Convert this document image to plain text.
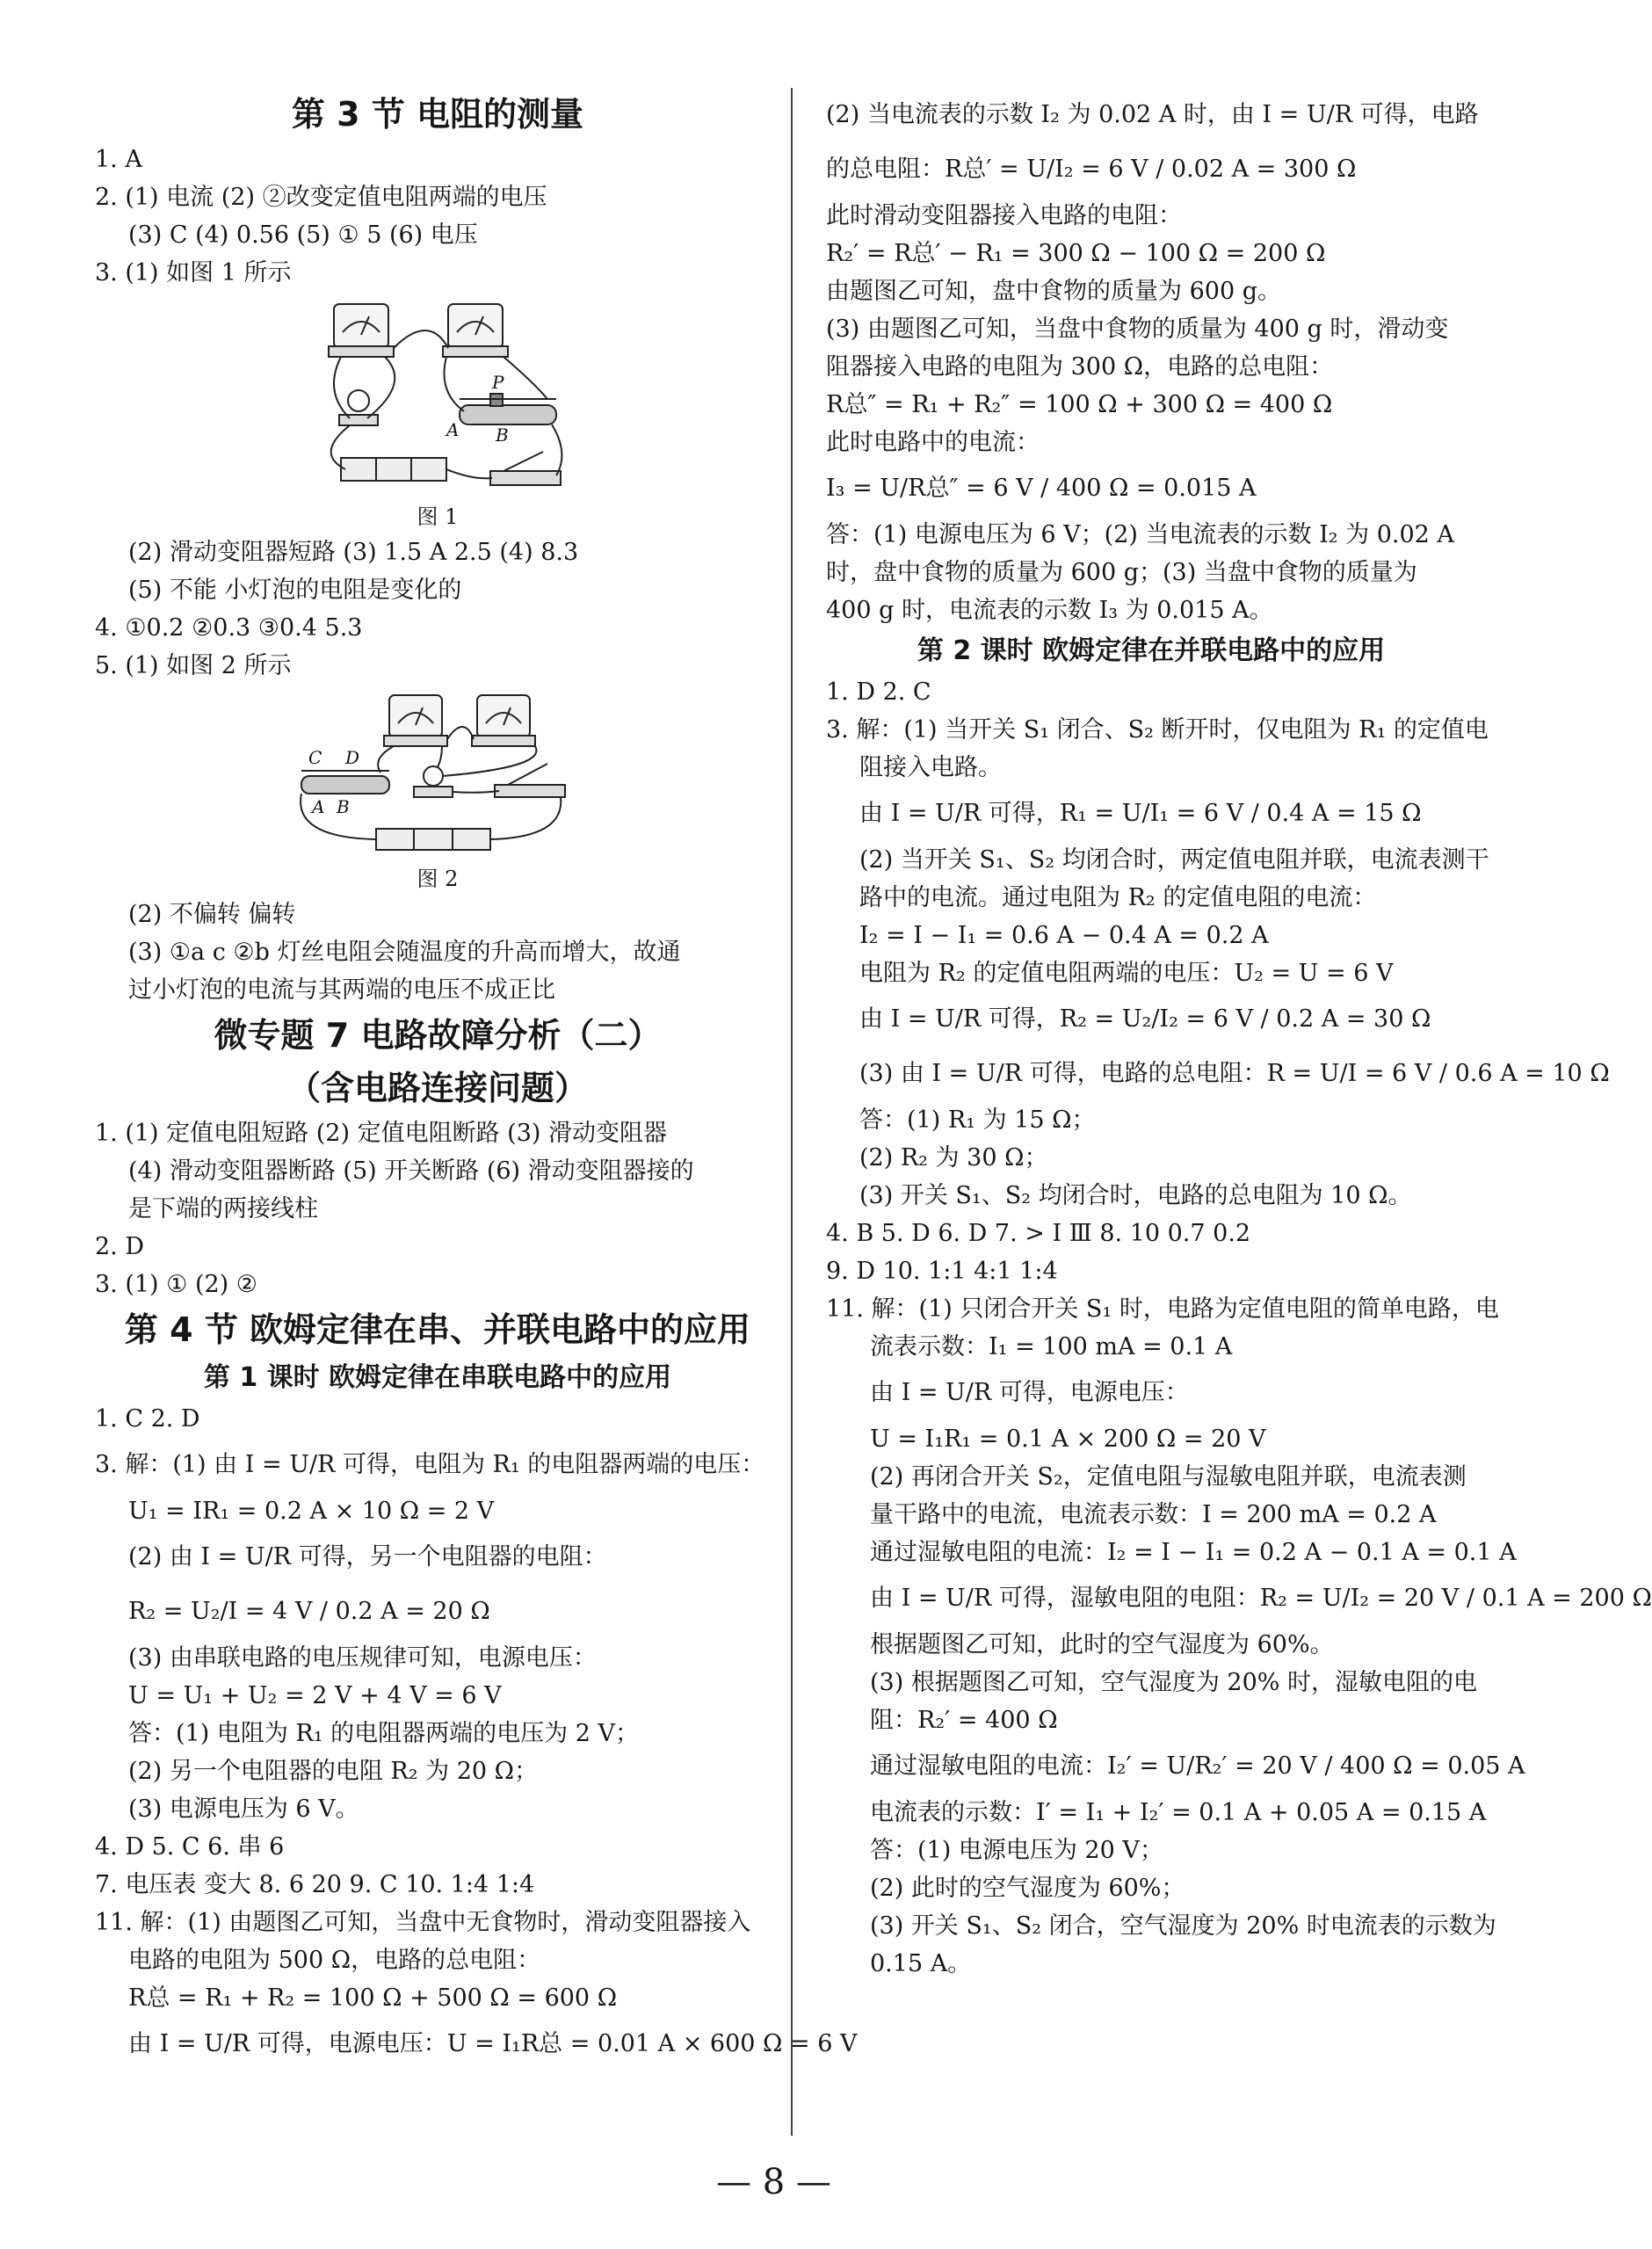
第 3 节 电阻的测量
1. A
2. (1) 电流 (2) ②改变定值电阻两端的电压
(3) C (4) 0.56 (5) ① 5 (6) 电压
3. (1) 如图 1 所示
P
A B
图 1
(2) 滑动变阻器短路 (3) 1.5 A 2.5 (4) 8.3
(5) 不能 小灯泡的电阻是变化的
4. ①0.2 ②0.3 ③0.4 5.3
5. (1) 如图 2 所示
C D
A B
图 2
(2) 不偏转 偏转
(3) ①a c ②b 灯丝电阻会随温度的升高而增大，故通
过小灯泡的电流与其两端的电压不成正比
微专题 7 电路故障分析（二）
（含电路连接问题）
1. (1) 定值电阻短路 (2) 定值电阻断路 (3) 滑动变阻器
(4) 滑动变阻器断路 (5) 开关断路 (6) 滑动变阻器接的
是下端的两接线柱
2. D
3. (1) ① (2) ②
第 4 节 欧姆定律在串、并联电路中的应用
第 1 课时 欧姆定律在串联电路中的应用
1. C 2. D
3. 解：(1) 由 I = U/R 可得，电阻为 R₁ 的电阻器两端的电压：
U₁ = IR₁ = 0.2 A × 10 Ω = 2 V
(2) 由 I = U/R 可得，另一个电阻器的电阻：
R₂ = U₂/I = 4 V / 0.2 A = 20 Ω
(3) 由串联电路的电压规律可知，电源电压：
U = U₁ + U₂ = 2 V + 4 V = 6 V
答：(1) 电阻为 R₁ 的电阻器两端的电压为 2 V；
(2) 另一个电阻器的电阻 R₂ 为 20 Ω；
(3) 电源电压为 6 V。
4. D 5. C 6. 串 6
7. 电压表 变大 8. 6 20 9. C 10. 1:4 1:4
11. 解：(1) 由题图乙可知，当盘中无食物时，滑动变阻器接入
电路的电阻为 500 Ω，电路的总电阻：
R总 = R₁ + R₂ = 100 Ω + 500 Ω = 600 Ω
由 I = U/R 可得，电源电压：U = I₁R总 = 0.01 A × 600 Ω = 6 V
(2) 当电流表的示数 I₂ 为 0.02 A 时，由 I = U/R 可得，电路
的总电阻：R总′ = U/I₂ = 6 V / 0.02 A = 300 Ω
此时滑动变阻器接入电路的电阻：
R₂′ = R总′ − R₁ = 300 Ω − 100 Ω = 200 Ω
由题图乙可知，盘中食物的质量为 600 g。
(3) 由题图乙可知，当盘中食物的质量为 400 g 时，滑动变
阻器接入电路的电阻为 300 Ω，电路的总电阻：
R总″ = R₁ + R₂″ = 100 Ω + 300 Ω = 400 Ω
此时电路中的电流：
I₃ = U/R总″ = 6 V / 400 Ω = 0.015 A
答：(1) 电源电压为 6 V；(2) 当电流表的示数 I₂ 为 0.02 A
时，盘中食物的质量为 600 g；(3) 当盘中食物的质量为
400 g 时，电流表的示数 I₃ 为 0.015 A。
第 2 课时 欧姆定律在并联电路中的应用
1. D 2. C
3. 解：(1) 当开关 S₁ 闭合、S₂ 断开时，仅电阻为 R₁ 的定值电
阻接入电路。
由 I = U/R 可得，R₁ = U/I₁ = 6 V / 0.4 A = 15 Ω
(2) 当开关 S₁、S₂ 均闭合时，两定值电阻并联，电流表测干
路中的电流。通过电阻为 R₂ 的定值电阻的电流：
I₂ = I − I₁ = 0.6 A − 0.4 A = 0.2 A
电阻为 R₂ 的定值电阻两端的电压：U₂ = U = 6 V
由 I = U/R 可得，R₂ = U₂/I₂ = 6 V / 0.2 A = 30 Ω
(3) 由 I = U/R 可得，电路的总电阻：R = U/I = 6 V / 0.6 A = 10 Ω
答：(1) R₁ 为 15 Ω；
(2) R₂ 为 30 Ω；
(3) 开关 S₁、S₂ 均闭合时，电路的总电阻为 10 Ω。
4. B 5. D 6. D 7. > Ⅰ Ⅲ 8. 10 0.7 0.2
9. D 10. 1:1 4:1 1:4
11. 解：(1) 只闭合开关 S₁ 时，电路为定值电阻的简单电路，电
流表示数：I₁ = 100 mA = 0.1 A
由 I = U/R 可得，电源电压：
U = I₁R₁ = 0.1 A × 200 Ω = 20 V
(2) 再闭合开关 S₂，定值电阻与湿敏电阻并联，电流表测
量干路中的电流，电流表示数：I = 200 mA = 0.2 A
通过湿敏电阻的电流：I₂ = I − I₁ = 0.2 A − 0.1 A = 0.1 A
由 I = U/R 可得，湿敏电阻的电阻：R₂ = U/I₂ = 20 V / 0.1 A = 200 Ω
根据题图乙可知，此时的空气湿度为 60%。
(3) 根据题图乙可知，空气湿度为 20% 时，湿敏电阻的电
阻：R₂′ = 400 Ω
通过湿敏电阻的电流：I₂′ = U/R₂′ = 20 V / 400 Ω = 0.05 A
电流表的示数：I′ = I₁ + I₂′ = 0.1 A + 0.05 A = 0.15 A
答：(1) 电源电压为 20 V；
(2) 此时的空气湿度为 60%；
(3) 开关 S₁、S₂ 闭合，空气湿度为 20% 时电流表的示数为
0.15 A。
— 8 —
